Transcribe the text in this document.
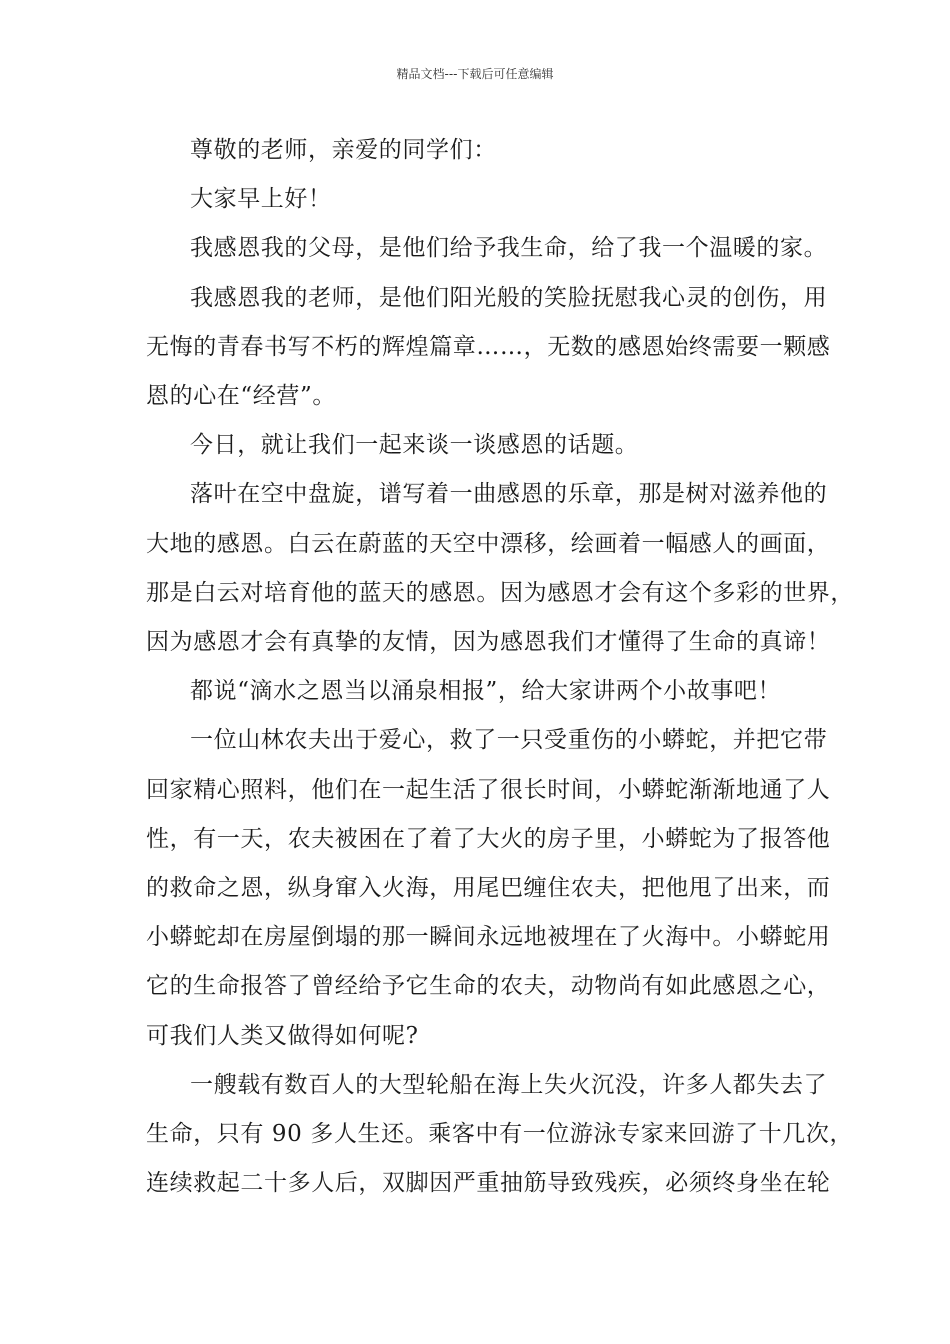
精品文档---下载后可任意编辑
尊敬的老师，亲爱的同学们：
大家早上好！
我感恩我的父母，是他们给予我生命，给了我一个温暖的家。
我感恩我的老师，是他们阳光般的笑脸抚慰我心灵的创伤，用
无悔的青春书写不朽的辉煌篇章……，无数的感恩始终需要一颗感
恩的心在“经营”。
今日，就让我们一起来谈一谈感恩的话题。
落叶在空中盘旋，谱写着一曲感恩的乐章，那是树对滋养他的
大地的感恩。白云在蔚蓝的天空中漂移，绘画着一幅感人的画面，
那是白云对培育他的蓝天的感恩。因为感恩才会有这个多彩的世界，
因为感恩才会有真挚的友情，因为感恩我们才懂得了生命的真谛！
都说“滴水之恩当以涌泉相报”，给大家讲两个小故事吧！
一位山林农夫出于爱心，救了一只受重伤的小蟒蛇，并把它带
回家精心照料，他们在一起生活了很长时间，小蟒蛇渐渐地通了人
性，有一天，农夫被困在了着了大火的房子里，小蟒蛇为了报答他
的救命之恩，纵身窜入火海，用尾巴缠住农夫，把他甩了出来，而
小蟒蛇却在房屋倒塌的那一瞬间永远地被埋在了火海中。小蟒蛇用
它的生命报答了曾经给予它生命的农夫，动物尚有如此感恩之心，
可我们人类又做得如何呢?
一艘载有数百人的大型轮船在海上失火沉没，许多人都失去了
生命，只有 90 多人生还。乘客中有一位游泳专家来回游了十几次，
连续救起二十多人后，双脚因严重抽筋导致残疾，必须终身坐在轮
